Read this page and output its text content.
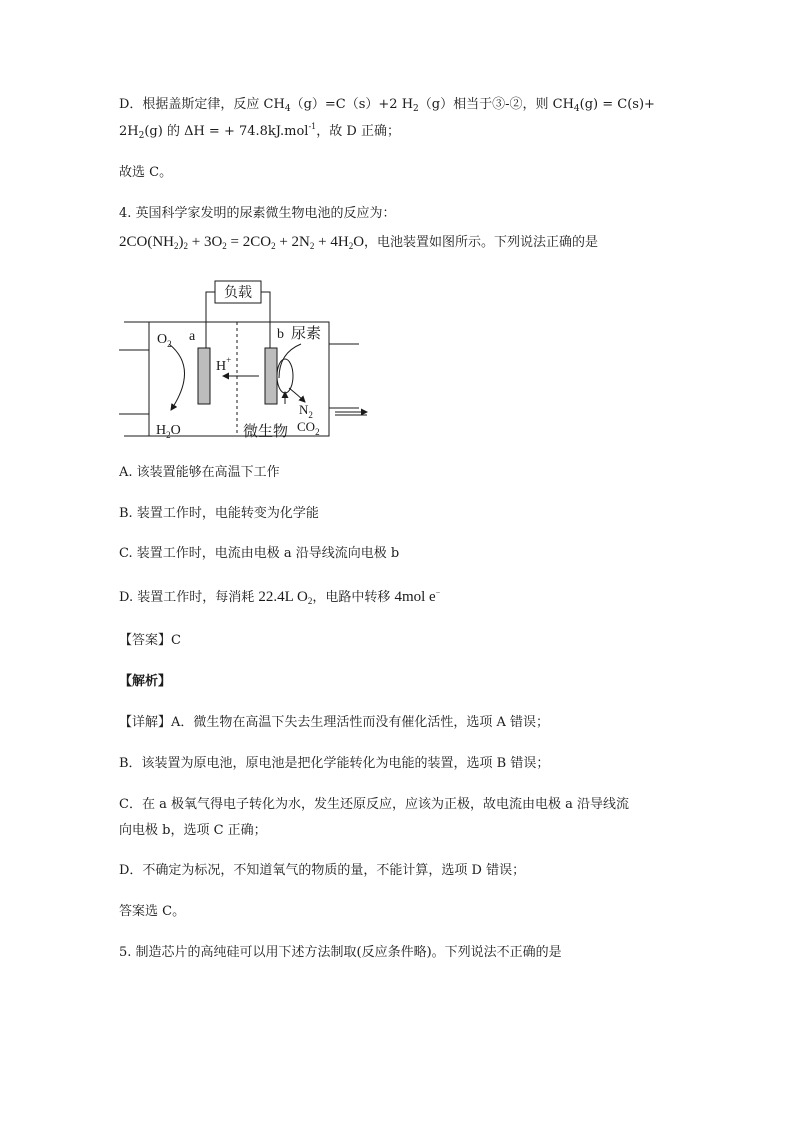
D．根据盖斯定律，反应 $CH_4(g)=C(s)+2$ $H_2(g)$相当于③-②，则 $CH_4(g) = C(s)+$
$2H_2(g)$ 的 ΔH = + 74.8kJ.mol$^{-1}$，故 D 正确；
故选 C。
4. 英国科学家发明的尿素微生物电池的反应为：
$2CO(NH_2)_2 + 3O_2 = 2CO_2 + 2N_2 + 4H_2O$，电池装置如图所示。下列说法正确的是
负载
$O_2$ a	b 尿素
H+
$H_2O$	微生物
$N_2$
$CO_2$
A. 该装置能够在高温下工作
B. 装置工作时，电能转变为化学能
C. 装置工作时，电流由电极 a 沿导线流向电极 b
D. 装置工作时，每消耗 22.4L $O_2$，电路中转移 4mol e−
【答案】C
【解析】
【详解】A．微生物在高温下失去生理活性而没有催化活性，选项 A 错误；
B．该装置为原电池，原电池是把化学能转化为电能的装置，选项 B 错误；
C．在 a 极氧气得电子转化为水，发生还原反应，应该为正极，故电流由电极 a 沿导线流
向电极 b，选项 C 正确；
D．不确定为标况，不知道氧气的物质的量，不能计算，选项 D 错误；
答案选 C。
5. 制造芯片的高纯硅可以用下述方法制取(反应条件略)。下列说法不正确的是
